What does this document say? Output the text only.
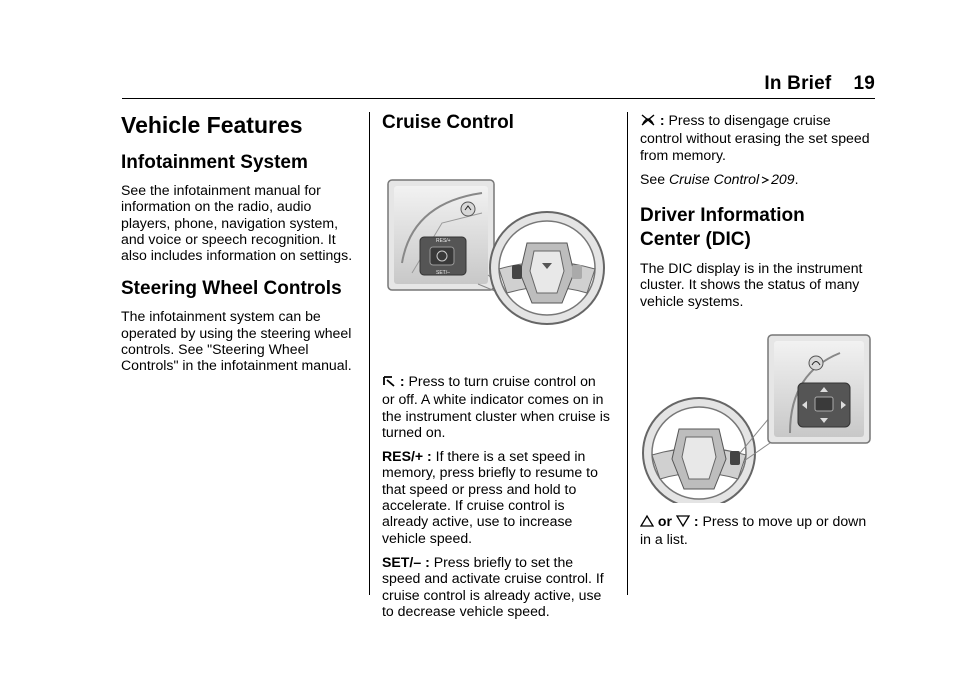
In Brief 19
Vehicle Features
Infotainment System

See the infotainment manual for information on the radio, audio players, phone, navigation system, and voice or speech recognition. It also includes information on settings.

Steering Wheel Controls

The infotainment system can be operated by using the steering wheel controls. See "Steering Wheel Controls" in the infotainment manual.

Cruise Control
RES/+
SET/–

: Press to turn cruise control on or off. A white indicator comes on in the instrument cluster when cruise is turned on.

RES/+ : If there is a set speed in memory, press briefly to resume to that speed or press and hold to accelerate. If cruise control is already active, use to increase vehicle speed.

SET/– : Press briefly to set the speed and activate cruise control. If cruise control is already active, use to decrease vehicle speed.

: Press to disengage cruise control without erasing the set speed from memory.

See Cruise Control 209.

Driver Information
Center (DIC)

The DIC display is in the instrument cluster. It shows the status of many vehicle systems.

or  : Press to move up or down in a list.
